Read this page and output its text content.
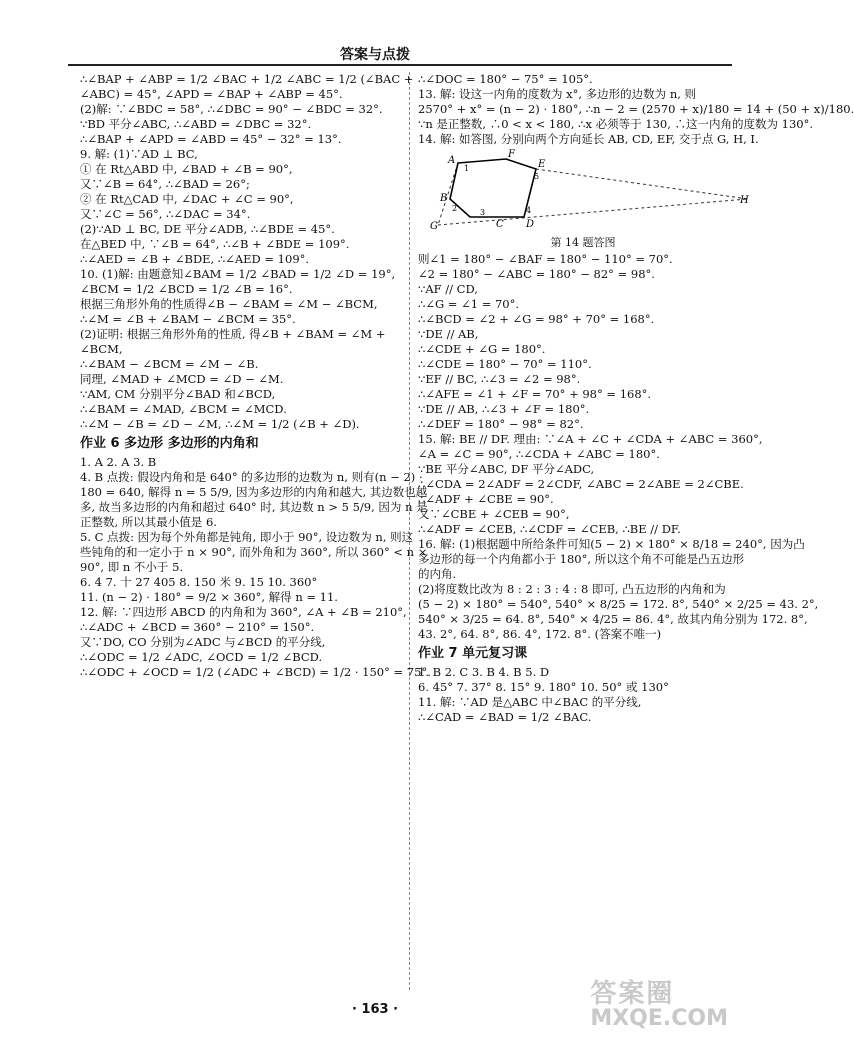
答案与点拨
∴∠BAP + ∠ABP = 1/2 ∠BAC + 1/2 ∠ABC = 1/2 (∠BAC +
∠ABC) = 45°, ∠APD = ∠BAP + ∠ABP = 45°.
(2)解: ∵∠BDC = 58°, ∴∠DBC = 90° − ∠BDC = 32°.
∵BD 平分∠ABC, ∴∠ABD = ∠DBC = 32°.
∴∠BAP + ∠APD = ∠ABD = 45° − 32° = 13°.
9. 解: (1)∵AD ⊥ BC,
① 在 Rt△ABD 中, ∠BAD + ∠B = 90°,
又∵∠B = 64°, ∴∠BAD = 26°;
② 在 Rt△CAD 中, ∠DAC + ∠C = 90°,
又∵∠C = 56°, ∴∠DAC = 34°.
(2)∵AD ⊥ BC, DE 平分∠ADB, ∴∠BDE = 45°.
在△BED 中, ∵∠B = 64°, ∴∠B + ∠BDE = 109°.
∴∠AED = ∠B + ∠BDE, ∴∠AED = 109°.
10. (1)解: 由题意知∠BAM = 1/2 ∠BAD = 1/2 ∠D = 19°,
∠BCM = 1/2 ∠BCD = 1/2 ∠B = 16°.
根据三角形外角的性质得∠B − ∠BAM = ∠M − ∠BCM,
∴∠M = ∠B + ∠BAM − ∠BCM = 35°.
(2)证明: 根据三角形外角的性质, 得∠B + ∠BAM = ∠M +
∠BCM,
∴∠BAM − ∠BCM = ∠M − ∠B.
同理, ∠MAD + ∠MCD = ∠D − ∠M.
∵AM, CM 分别平分∠BAD 和∠BCD,
∴∠BAM = ∠MAD, ∠BCM = ∠MCD.
∴∠M − ∠B = ∠D − ∠M, ∴∠M = 1/2 (∠B + ∠D).
作业 6 多边形 多边形的内角和
1. A 2. A 3. B
4. B 点拨: 假设内角和是 640° 的多边形的边数为 n, 则有(n − 2) ·
180 = 640, 解得 n = 5 5/9, 因为多边形的内角和越大, 其边数也越
多, 故当多边形的内角和超过 640° 时, 其边数 n > 5 5/9, 因为 n 是
正整数, 所以其最小值是 6.
5. C 点拨: 因为每个外角都是钝角, 即小于 90°, 设边数为 n, 则这
些钝角的和一定小于 n × 90°, 而外角和为 360°, 所以 360° < n ×
90°, 即 n 不小于 5.
6. 4 7. 十 27 405 8. 150 米 9. 15 10. 360°
11. (n − 2) · 180° = 9/2 × 360°, 解得 n = 11.
12. 解: ∵四边形 ABCD 的内角和为 360°, ∠A + ∠B = 210°,
∴∠ADC + ∠BCD = 360° − 210° = 150°.
又∵DO, CO 分别为∠ADC 与∠BCD 的平分线,
∴∠ODC = 1/2 ∠ADC, ∠OCD = 1/2 ∠BCD.
∴∠ODC + ∠OCD = 1/2 (∠ADC + ∠BCD) = 1/2 · 150° = 75°.
∴∠DOC = 180° − 75° = 105°.
13. 解: 设这一内角的度数为 x°, 多边形的边数为 n, 则
2570° + x° = (n − 2) · 180°, ∴n − 2 = (2570 + x)/180 = 14 + (50 + x)/180.
∵n 是正整数, ∴0 < x < 180, ∴x 必须等于 130, ∴这一内角的度数为 130°.
14. 解: 如答图, 分别向两个方向延长 AB, CD, EF, 交于点 G, H, I.
A
B
C D
E
F
G
H
1
2	3	4
5
第 14 题答图
则∠1 = 180° − ∠BAF = 180° − 110° = 70°.
∠2 = 180° − ∠ABC = 180° − 82° = 98°.
∵AF // CD,
∴∠G = ∠1 = 70°.
∴∠BCD = ∠2 + ∠G = 98° + 70° = 168°.
∵DE // AB,
∴∠CDE + ∠G = 180°.
∴∠CDE = 180° − 70° = 110°.
∵EF // BC, ∴∠3 = ∠2 = 98°.
∴∠AFE = ∠1 + ∠F = 70° + 98° = 168°.
∵DE // AB, ∴∠3 + ∠F = 180°.
∴∠DEF = 180° − 98° = 82°.
15. 解: BE // DF. 理由: ∵∠A + ∠C + ∠CDA + ∠ABC = 360°,
∠A = ∠C = 90°, ∴∠CDA + ∠ABC = 180°.
∵BE 平分∠ABC, DF 平分∠ADC,
∴∠CDA = 2∠ADF = 2∠CDF, ∠ABC = 2∠ABE = 2∠CBE.
∴∠ADF + ∠CBE = 90°.
又∵∠CBE + ∠CEB = 90°,
∴∠ADF = ∠CEB, ∴∠CDF = ∠CEB, ∴BE // DF.
16. 解: (1)根据题中所给条件可知(5 − 2) × 180° × 8/18 = 240°, 因为凸
多边形的每一个内角都小于 180°, 所以这个角不可能是凸五边形
的内角.
(2)将度数比改为 8 : 2 : 3 : 4 : 8 即可, 凸五边形的内角和为
(5 − 2) × 180° = 540°, 540° × 8/25 = 172. 8°, 540° × 2/25 = 43. 2°,
540° × 3/25 = 64. 8°, 540° × 4/25 = 86. 4°, 故其内角分别为 172. 8°,
43. 2°, 64. 8°, 86. 4°, 172. 8°. (答案不唯一)
作业 7 单元复习课
1. B 2. C 3. B 4. B 5. D
6. 45° 7. 37° 8. 15° 9. 180° 10. 50° 或 130°
11. 解: ∵AD 是△ABC 中∠BAC 的平分线,
∴∠CAD = ∠BAD = 1/2 ∠BAC.
· 163 ·
答案圈
MXQE.COM
